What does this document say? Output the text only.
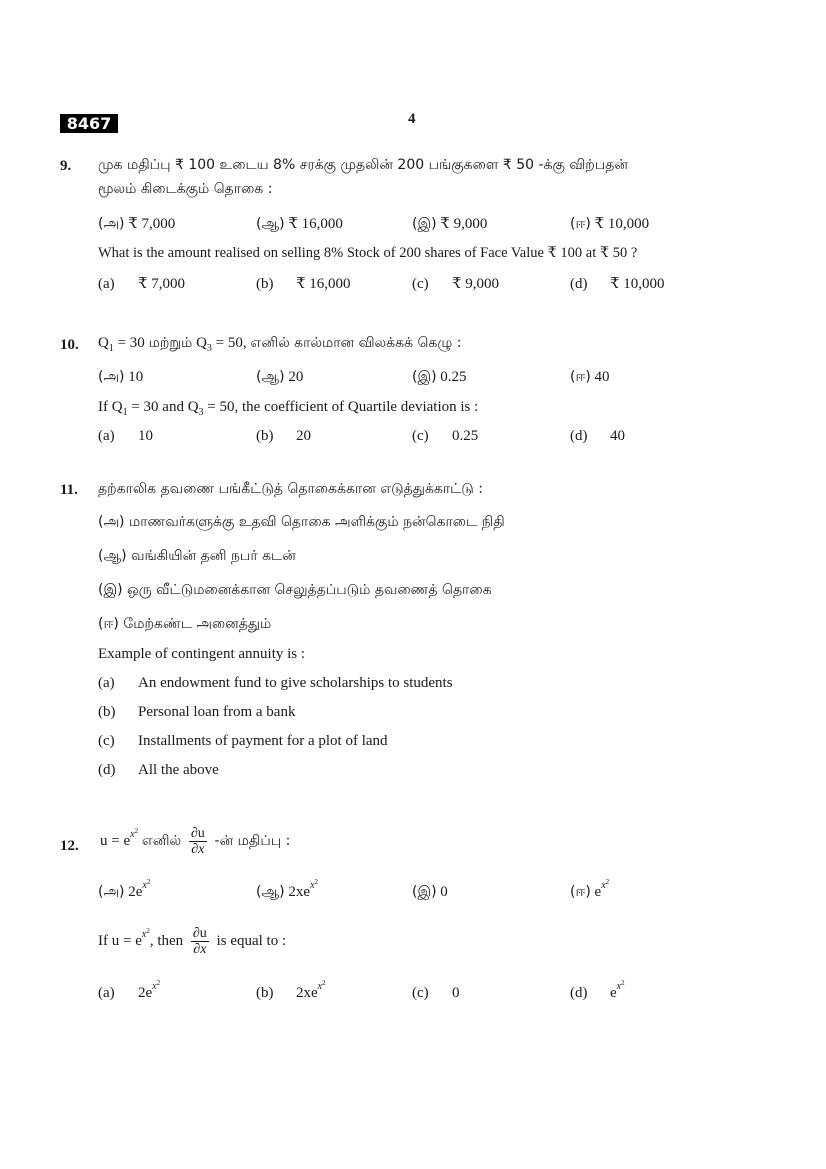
8467	4
9. முக மதிப்பு ₹ 100 உடைய 8% சரக்கு முதலின் 200 பங்குகளை ₹ 50 -க்கு விற்பதன்
மூலம் கிடைக்கும் தொகை :
(அ) ₹ 7,000	(ஆ) ₹ 16,000	(இ) ₹ 9,000	(ஈ) ₹ 10,000
What is the amount realised on selling 8% Stock of 200 shares of Face Value ₹ 100 at ₹ 50 ?
(a) ₹ 7,000	(b) ₹ 16,000	(c) ₹ 9,000	(d) ₹ 10,000
10. $Q_1 = 30$ மற்றும் $Q_3 = 50$, எனில் கால்மான விலக்கக் கெழு :
(அ) 10	(ஆ) 20	(இ) 0.25	(ஈ) 40
If $Q_1 = 30$ and $Q_3 = 50$, the coefficient of Quartile deviation is :
(a) 10	(b) 20	(c) 0.25	(d) 40
11. தற்காலிக தவணை பங்கீட்டுத் தொகைக்கான எடுத்துக்காட்டு :
(அ) மாணவர்களுக்கு உதவி தொகை அளிக்கும் நன்கொடை நிதி
(ஆ) வங்கியின் தனி நபர் கடன்
(இ) ஒரு வீட்டுமனைக்கான செலுத்தப்படும் தவணைத் தொகை
(ஈ) மேற்கண்ட அனைத்தும்
Example of contingent annuity is :
(a) An endowment fund to give scholarships to students
(b) Personal loan from a bank
(c) Installments of payment for a plot of land
(d) All the above
12. $u = e^{x^2}$ எனில் $\frac{\partial u}{\partial x}$ -ன் மதிப்பு :
(அ) $2e^{x^2}$
(ஆ) $2xe^{x^2}$
(இ) 0	(ஈ) $e^{x^2}$
If $u = e^{x^2}$, then $\frac{\partial u}{\partial x}$ is equal to :
(a) $2e^{x^2}$
(b) $2xe^{x^2}$
(c) 0	(d) $e^{x^2}$
